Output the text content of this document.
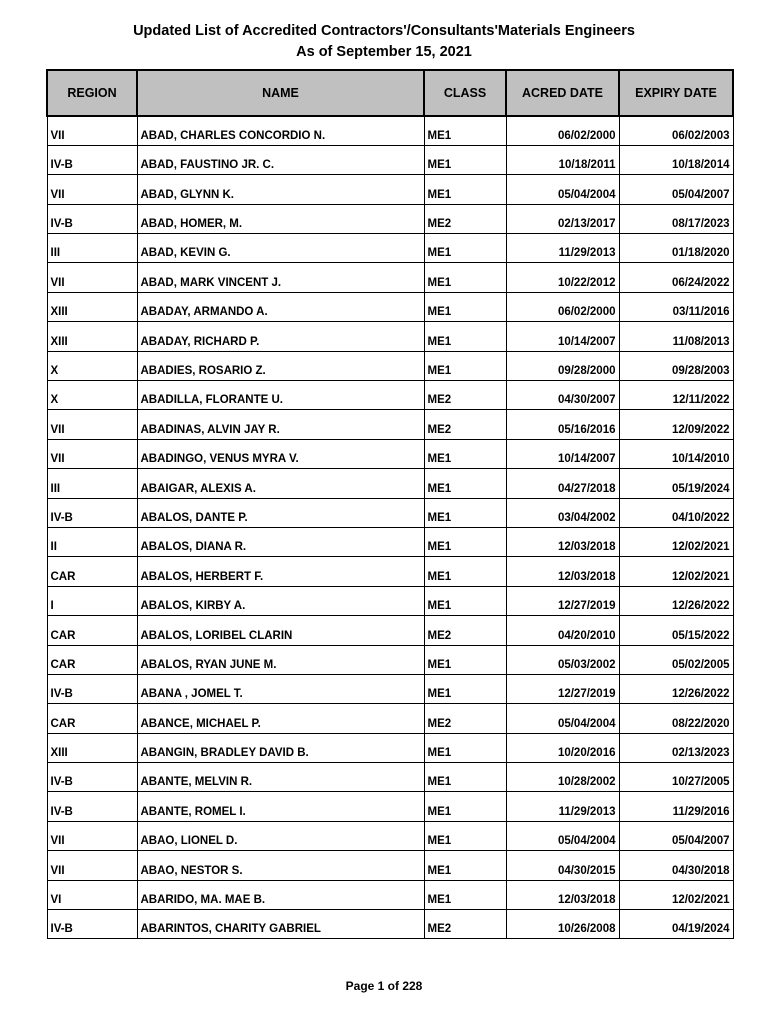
Updated List of Accredited Contractors'/Consultants'Materials Engineers
As of September 15, 2021
REGION	NAME	CLASS	ACRED DATE	EXPIRY DATE
VII	ABAD, CHARLES CONCORDIO N.	ME1	06/02/2000	06/02/2003
IV-B	ABAD, FAUSTINO JR. C.	ME1	10/18/2011	10/18/2014
VII	ABAD, GLYNN K.	ME1	05/04/2004	05/04/2007
IV-B	ABAD, HOMER, M.	ME2	02/13/2017	08/17/2023
III	ABAD, KEVIN G.	ME1	11/29/2013	01/18/2020
VII	ABAD, MARK VINCENT J.	ME1	10/22/2012	06/24/2022
XIII	ABADAY, ARMANDO A.	ME1	06/02/2000	03/11/2016
XIII	ABADAY, RICHARD P.	ME1	10/14/2007	11/08/2013
X	ABADIES, ROSARIO Z.	ME1	09/28/2000	09/28/2003
X	ABADILLA, FLORANTE U.	ME2	04/30/2007	12/11/2022
VII	ABADINAS, ALVIN JAY R.	ME2	05/16/2016	12/09/2022
VII	ABADINGO, VENUS MYRA V.	ME1	10/14/2007	10/14/2010
III	ABAIGAR, ALEXIS A.	ME1	04/27/2018	05/19/2024
IV-B	ABALOS, DANTE P.	ME1	03/04/2002	04/10/2022
II	ABALOS, DIANA R.	ME1	12/03/2018	12/02/2021
CAR	ABALOS, HERBERT F.	ME1	12/03/2018	12/02/2021
I	ABALOS, KIRBY A.	ME1	12/27/2019	12/26/2022
CAR	ABALOS, LORIBEL CLARIN	ME2	04/20/2010	05/15/2022
CAR	ABALOS, RYAN JUNE M.	ME1	05/03/2002	05/02/2005
IV-B	ABANA , JOMEL T.	ME1	12/27/2019	12/26/2022
CAR	ABANCE, MICHAEL P.	ME2	05/04/2004	08/22/2020
XIII	ABANGIN, BRADLEY DAVID B.	ME1	10/20/2016	02/13/2023
IV-B	ABANTE, MELVIN R.	ME1	10/28/2002	10/27/2005
IV-B	ABANTE, ROMEL I.	ME1	11/29/2013	11/29/2016
VII	ABAO, LIONEL D.	ME1	05/04/2004	05/04/2007
VII	ABAO, NESTOR S.	ME1	04/30/2015	04/30/2018
VI	ABARIDO, MA. MAE B.	ME1	12/03/2018	12/02/2021
IV-B	ABARINTOS, CHARITY GABRIEL	ME2	10/26/2008	04/19/2024
Page 1 of 228
